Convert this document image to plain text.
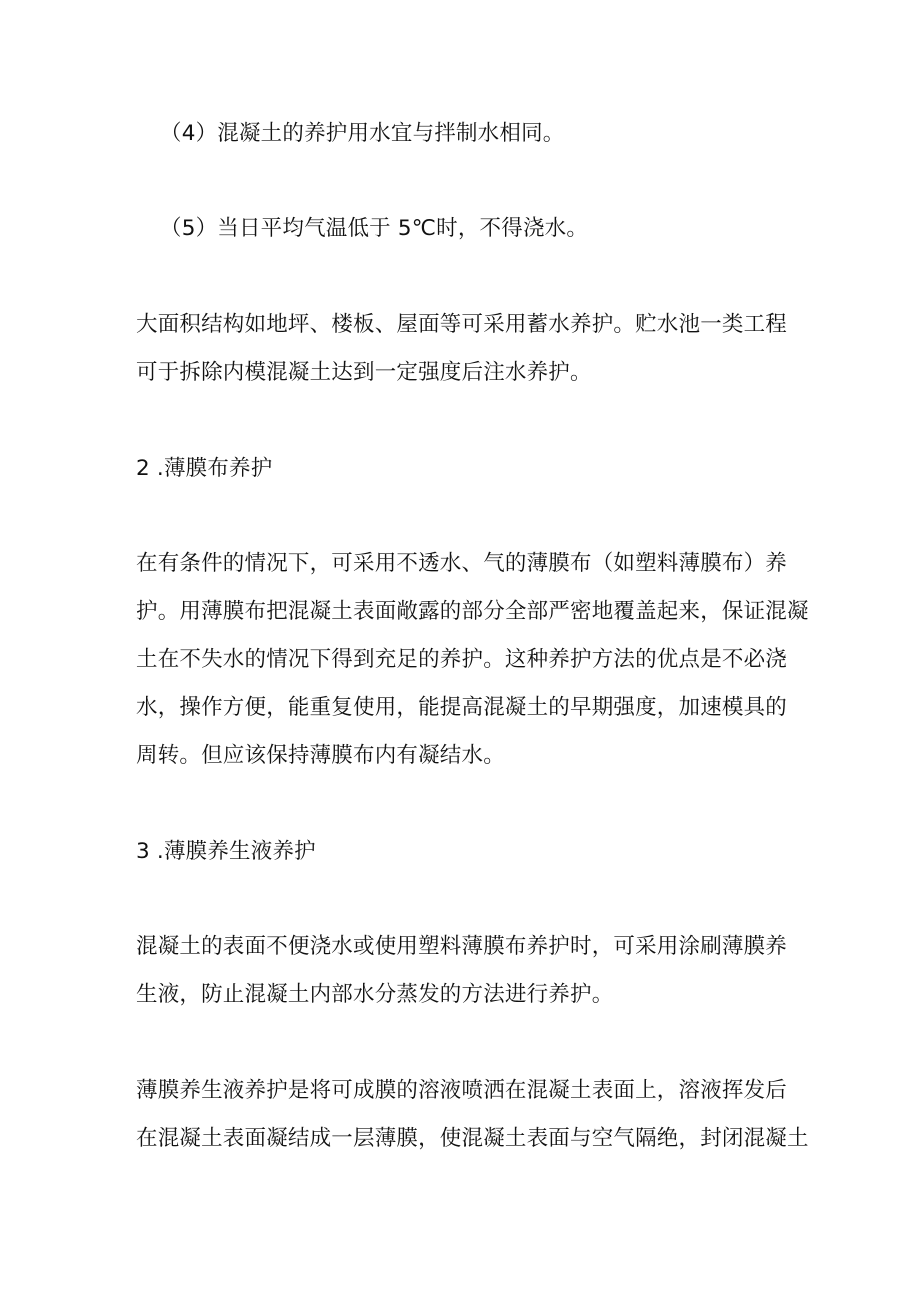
（4）混凝土的养护用水宜与拌制水相同。
（5）当日平均气温低于 5℃时，不得浇水。
大面积结构如地坪、楼板、屋面等可采用蓄水养护。贮水池一类工程
可于拆除内模混凝土达到一定强度后注水养护。
2 .薄膜布养护
在有条件的情况下，可采用不透水、气的薄膜布（如塑料薄膜布）养
护。用薄膜布把混凝土表面敞露的部分全部严密地覆盖起来，保证混凝
土在不失水的情况下得到充足的养护。这种养护方法的优点是不必浇
水，操作方便，能重复使用，能提高混凝土的早期强度，加速模具的
周转。但应该保持薄膜布内有凝结水。
3 .薄膜养生液养护
混凝土的表面不便浇水或使用塑料薄膜布养护时，可采用涂刷薄膜养
生液，防止混凝土内部水分蒸发的方法进行养护。
薄膜养生液养护是将可成膜的溶液喷洒在混凝土表面上，溶液挥发后
在混凝土表面凝结成一层薄膜，使混凝土表面与空气隔绝，封闭混凝土
